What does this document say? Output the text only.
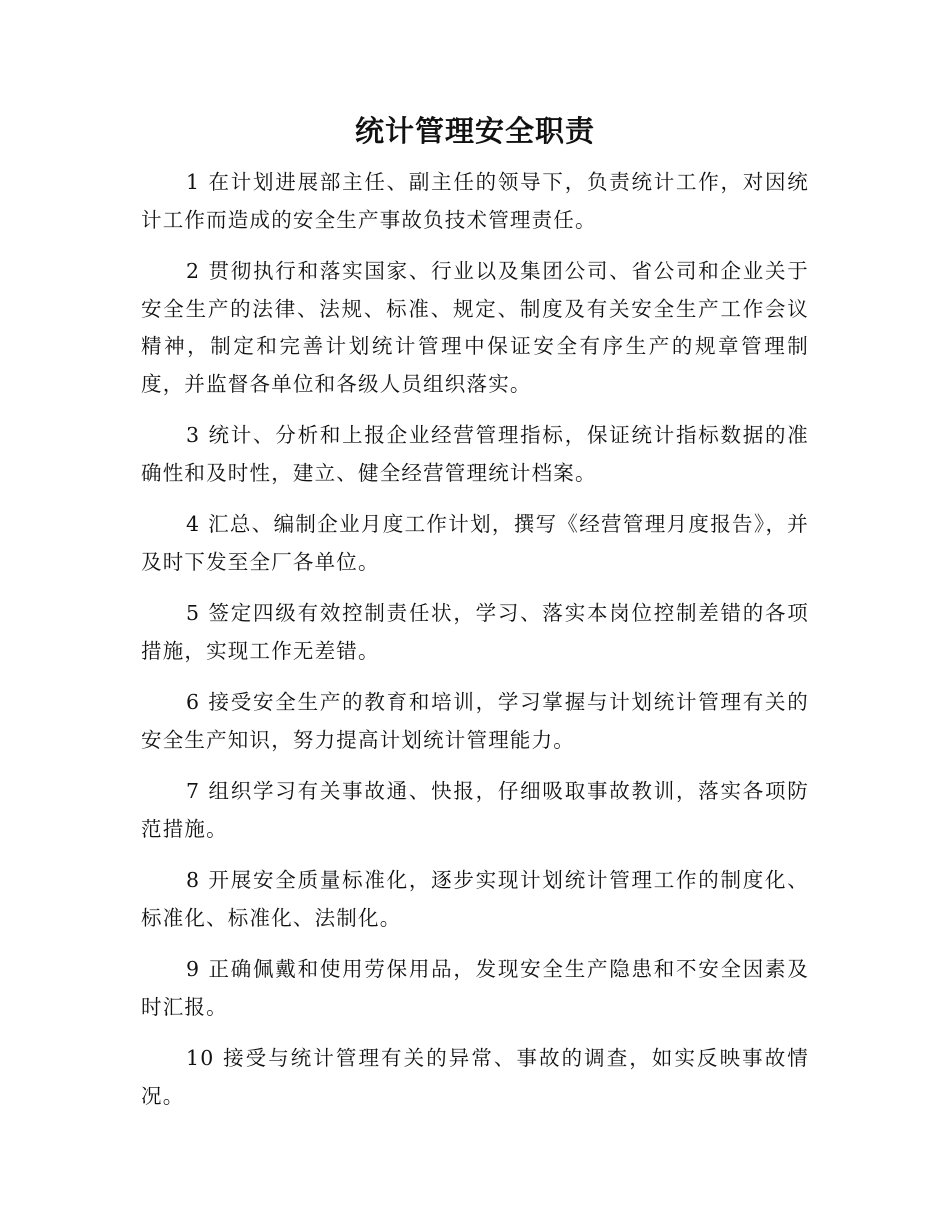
统计管理安全职责

1 在计划进展部主任、副主任的领导下，负责统计工作，对因统计工作而造成的安全生产事故负技术管理责任。

2 贯彻执行和落实国家、行业以及集团公司、省公司和企业关于安全生产的法律、法规、标准、规定、制度及有关安全生产工作会议精神，制定和完善计划统计管理中保证安全有序生产的规章管理制度，并监督各单位和各级人员组织落实。

3 统计、分析和上报企业经营管理指标，保证统计指标数据的准确性和及时性，建立、健全经营管理统计档案。

4 汇总、编制企业月度工作计划，撰写《经营管理月度报告》，并及时下发至全厂各单位。

5 签定四级有效控制责任状，学习、落实本岗位控制差错的各项措施，实现工作无差错。

6 接受安全生产的教育和培训，学习掌握与计划统计管理有关的安全生产知识，努力提高计划统计管理能力。

7 组织学习有关事故通、快报，仔细吸取事故教训，落实各项防范措施。

8 开展安全质量标准化，逐步实现计划统计管理工作的制度化、标准化、标准化、法制化。

9 正确佩戴和使用劳保用品，发现安全生产隐患和不安全因素及时汇报。

10 接受与统计管理有关的异常、事故的调查，如实反映事故情况。
